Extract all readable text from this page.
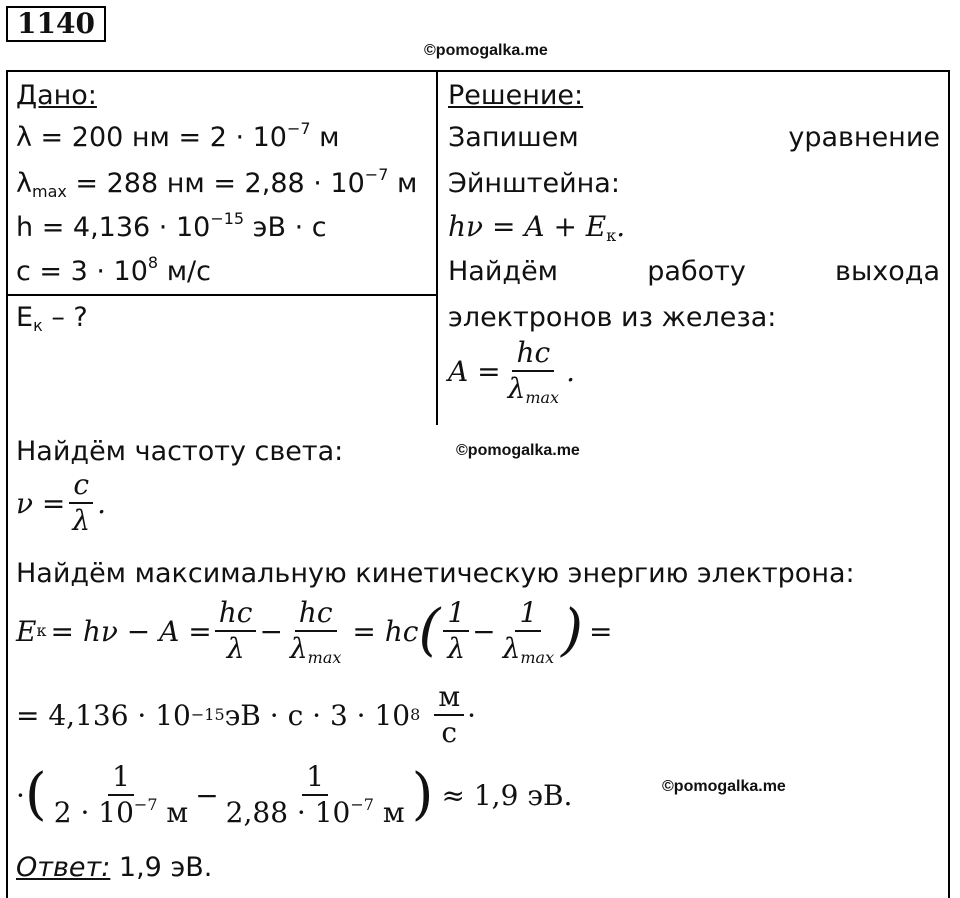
1140
©pomogalka.me
Дано:
λ = 200 нм = $2 \cdot 10^{-7}$ м
$\lambda_{max} = 288$ нм = $2,88 \cdot 10^{-7}$ м
$h = 4,136 \cdot 10^{-15}$ эВ · с
$c = 3 \cdot 10^8$ м/с
$Е_к$ – ?
Решение:
Запишем	уравнение
Эйнштейна:
$h\nu = A + E_к$.
Найдём	работу	выхода
электронов из железа:
$A = \frac{hc}{\lambda_{max}}$ .
Найдём частоту света:	©pomogalka.me
$\nu = \frac{c}{\lambda}$ .
Найдём максимальную кинетическую энергию электрона:
E $к = h\nu - A = \frac{hc}{\lambda} - \frac{hc}{\lambda_{max}}$ = hc ( $\frac{1}{\lambda} - \frac{1}{\lambda_{max}}$ ) =
= 4,136 · 10 −15 эВ · с · 3 · 10 $8 \frac{м}{с}$ ·
· ( $\frac{1}{2 \cdot 10^{-7} м} - \frac{1}{2,88 \cdot 10^{-7} м}$ ) ≈ 1,9 эВ.	©pomogalka.me
Ответ: 1,9 эВ.
